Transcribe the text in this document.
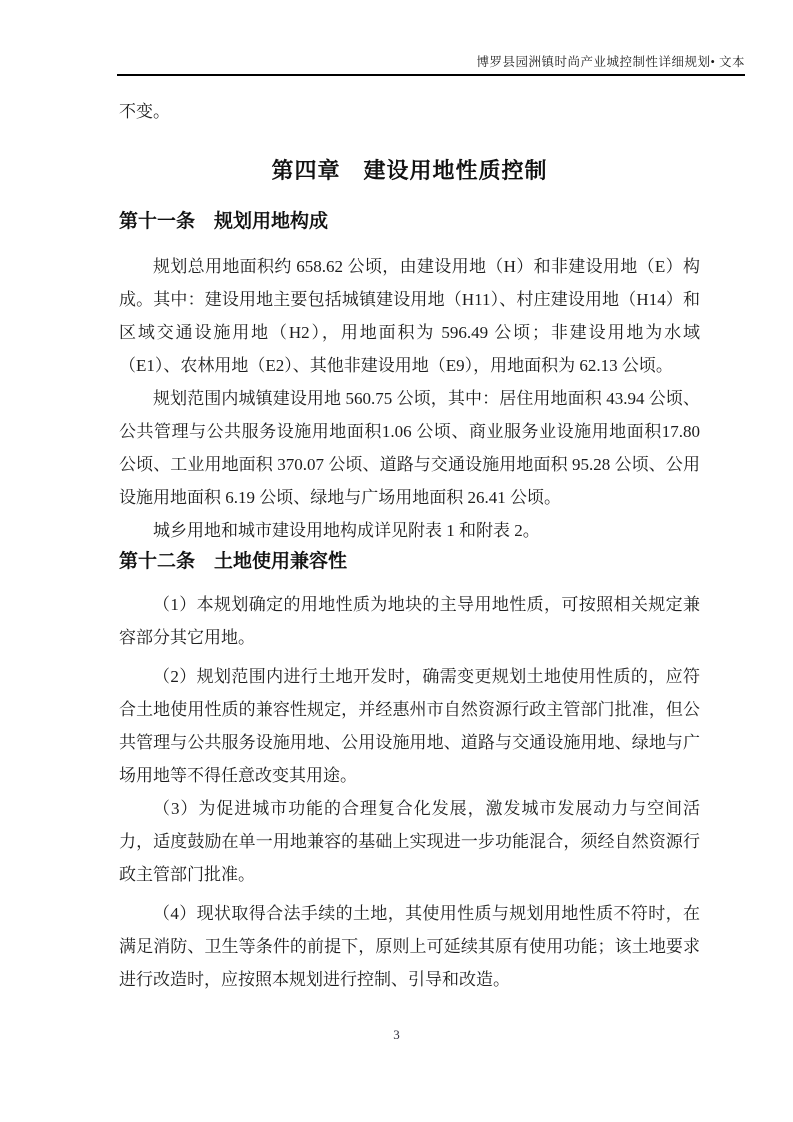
博罗县园洲镇时尚产业城控制性详细规划• 文本

不变。

第四章　建设用地性质控制
第十一条　规划用地构成

规划总用地面积约 658.62 公顷，由建设用地（H）和非建设用地（E）构成。其中：建设用地主要包括城镇建设用地（H11）、村庄建设用地（H14）和区域交通设施用地（H2），用地面积为 596.49 公顷；非建设用地为水域（E1）、农林用地（E2）、其他非建设用地（E9），用地面积为 62.13 公顷。

规划范围内城镇建设用地 560.75 公顷，其中：居住用地面积 43.94 公顷、公共管理与公共服务设施用地面积1.06 公顷、商业服务业设施用地面积17.80 公顷、工业用地面积 370.07 公顷、道路与交通设施用地面积 95.28 公顷、公用设施用地面积 6.19 公顷、绿地与广场用地面积 26.41 公顷。

城乡用地和城市建设用地构成详见附表 1 和附表 2。

第十二条　土地使用兼容性

（1）本规划确定的用地性质为地块的主导用地性质，可按照相关规定兼容部分其它用地。

（2）规划范围内进行土地开发时，确需变更规划土地使用性质的，应符合土地使用性质的兼容性规定，并经惠州市自然资源行政主管部门批准，但公共管理与公共服务设施用地、公用设施用地、道路与交通设施用地、绿地与广场用地等不得任意改变其用途。

（3）为促进城市功能的合理复合化发展，激发城市发展动力与空间活力，适度鼓励在单一用地兼容的基础上实现进一步功能混合，须经自然资源行政主管部门批准。

（4）现状取得合法手续的土地，其使用性质与规划用地性质不符时，在满足消防、卫生等条件的前提下，原则上可延续其原有使用功能；该土地要求进行改造时，应按照本规划进行控制、引导和改造。

3
